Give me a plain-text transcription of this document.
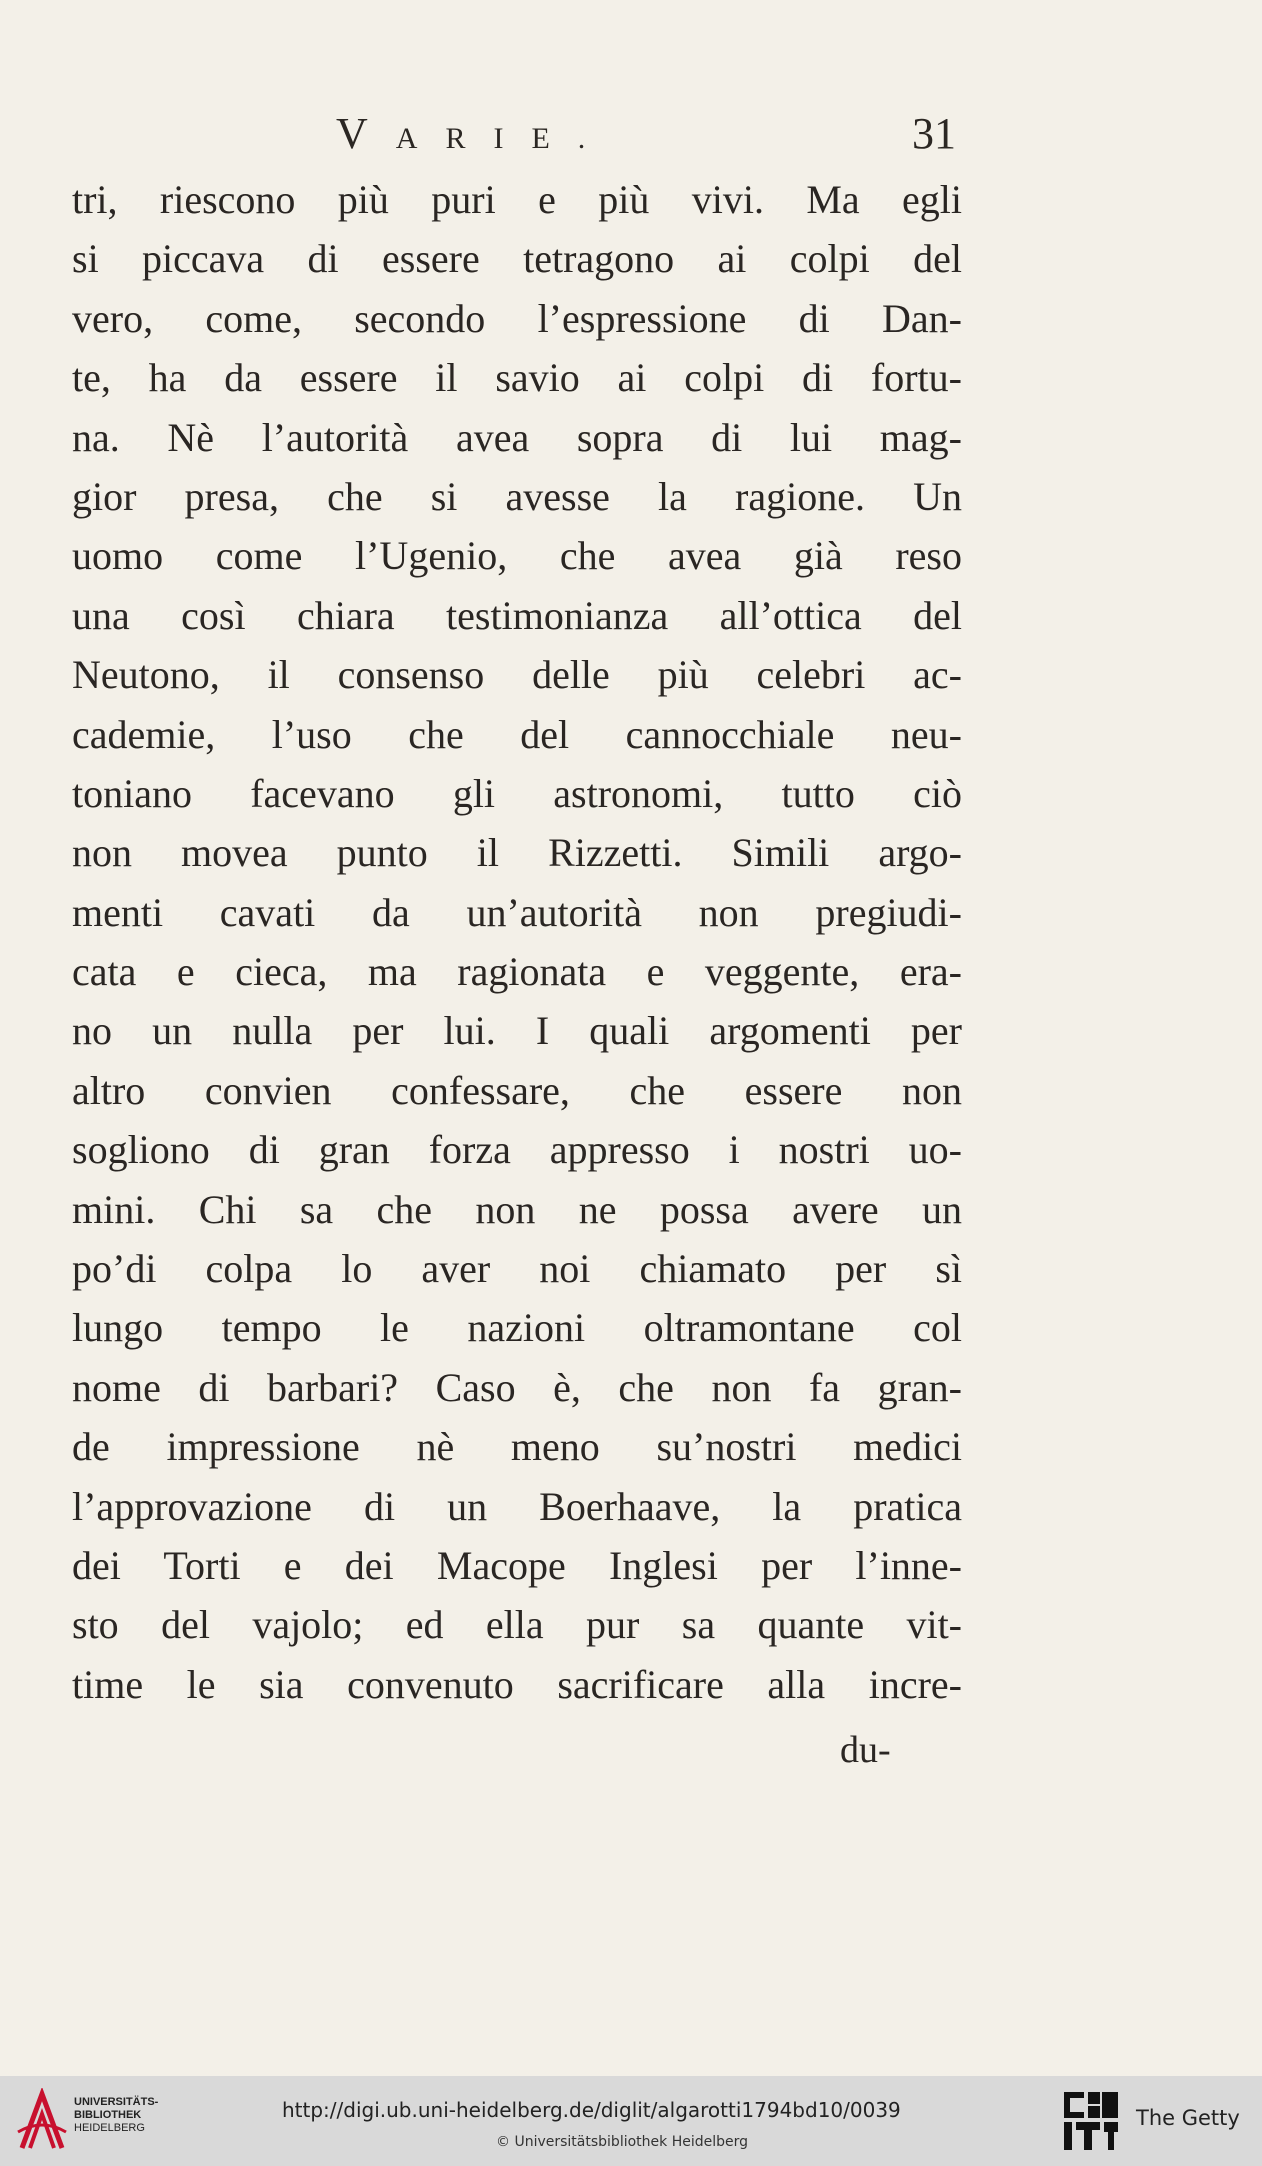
VARIE.	31
tri, riescono più puri e più vivi. Ma egli
si piccava di essere tetragono ai colpi del
vero, come, secondo l’espressione di Dan-
te, ha da essere il savio ai colpi di fortu-
na. Nè l’autorità avea sopra di lui mag-
gior presa, che si avesse la ragione. Un
uomo come l’Ugenio, che avea già reso
una così chiara testimonianza all’ottica del
Neutono, il consenso delle più celebri ac-
cademie, l’uso che del cannocchiale neu-
toniano facevano gli astronomi, tutto ciò
non movea punto il Rizzetti. Simili argo-
menti cavati da un’autorità non pregiudi-
cata e cieca, ma ragionata e veggente, era-
no un nulla per lui. I quali argomenti per
altro convien confessare, che essere non
sogliono di gran forza appresso i nostri uo-
mini. Chi sa che non ne possa avere un
po’di colpa lo aver noi chiamato per sì
lungo tempo le nazioni oltramontane col
nome di barbari? Caso è, che non fa gran-
de impressione nè meno su’nostri medici
l’approvazione di un Boerhaave, la pratica
dei Torti e dei Macope Inglesi per l’inne-
sto del vajolo; ed ella pur sa quante vit-
time le sia convenuto sacrificare alla incre-
du-
UNIVERSITÄTS-
BIBLIOTHEK
HEIDELBERG
http://digi.ub.uni-heidelberg.de/diglit/algarotti1794bd10/0039
© Universitätsbibliothek Heidelberg
The Getty
